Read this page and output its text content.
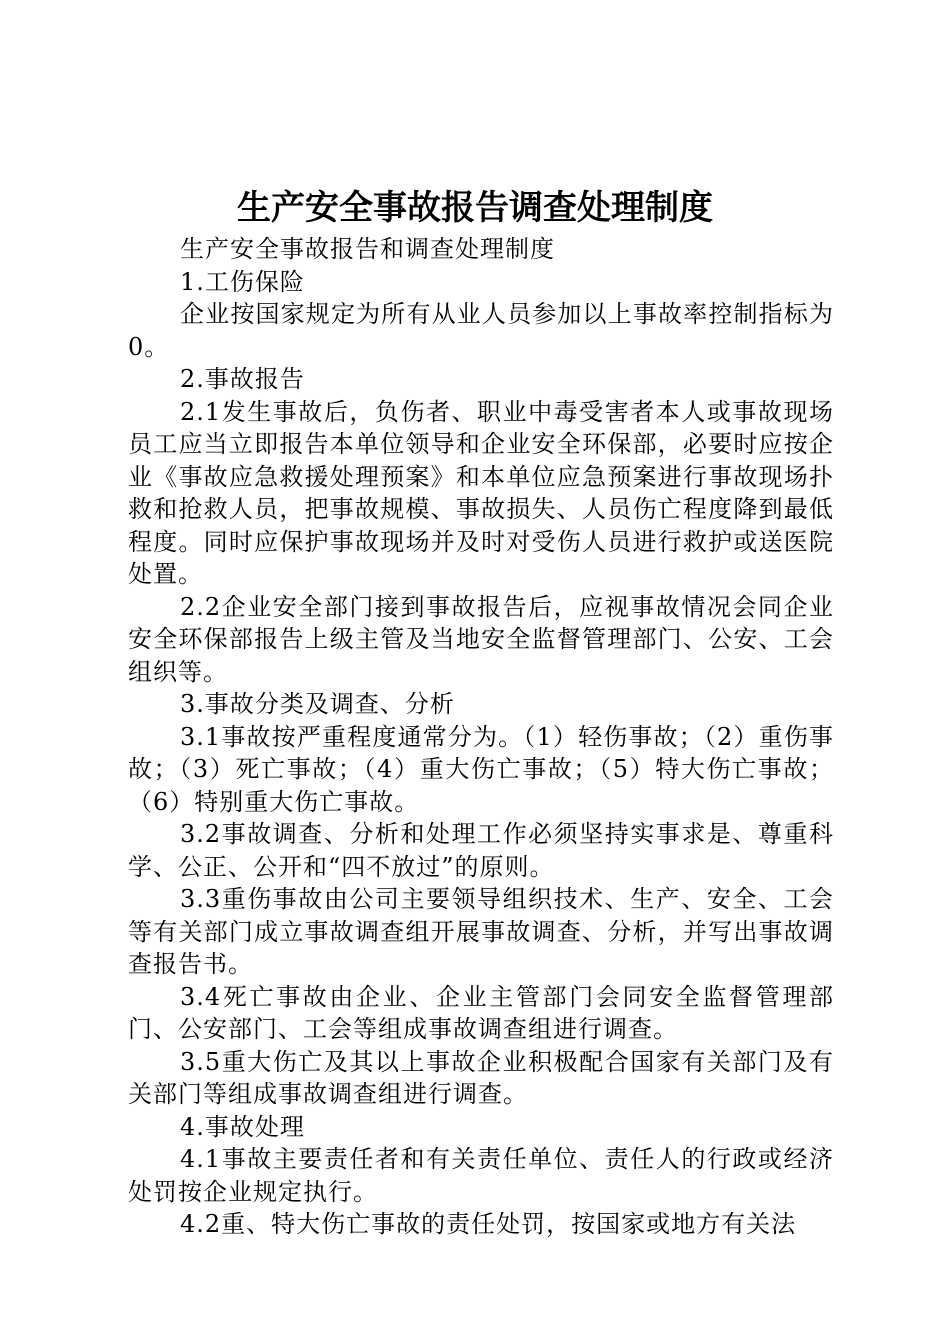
生产安全事故报告调查处理制度

生产安全事故报告和调查处理制度

1.工伤保险

企业按国家规定为所有从业人员参加以上事故率控制指标为0。

2.事故报告

2.1发生事故后，负伤者、职业中毒受害者本人或事故现场员工应当立即报告本单位领导和企业安全环保部，必要时应按企业《事故应急救援处理预案》和本单位应急预案进行事故现场扑救和抢救人员，把事故规模、事故损失、人员伤亡程度降到最低程度。同时应保护事故现场并及时对受伤人员进行救护或送医院处置。

2.2企业安全部门接到事故报告后，应视事故情况会同企业安全环保部报告上级主管及当地安全监督管理部门、公安、工会组织等。

3.事故分类及调查、分析

3.1事故按严重程度通常分为。（1）轻伤事故；（2）重伤事故；（3）死亡事故；（4）重大伤亡事故；（5）特大伤亡事故；（6）特别重大伤亡事故。

3.2事故调查、分析和处理工作必须坚持实事求是、尊重科学、公正、公开和“四不放过”的原则。

3.3重伤事故由公司主要领导组织技术、生产、安全、工会等有关部门成立事故调查组开展事故调查、分析，并写出事故调查报告书。

3.4死亡事故由企业、企业主管部门会同安全监督管理部门、公安部门、工会等组成事故调查组进行调查。

3.5重大伤亡及其以上事故企业积极配合国家有关部门及有关部门等组成事故调查组进行调查。

4.事故处理

4.1事故主要责任者和有关责任单位、责任人的行政或经济处罚按企业规定执行。

4.2重、特大伤亡事故的责任处罚，按国家或地方有关法
